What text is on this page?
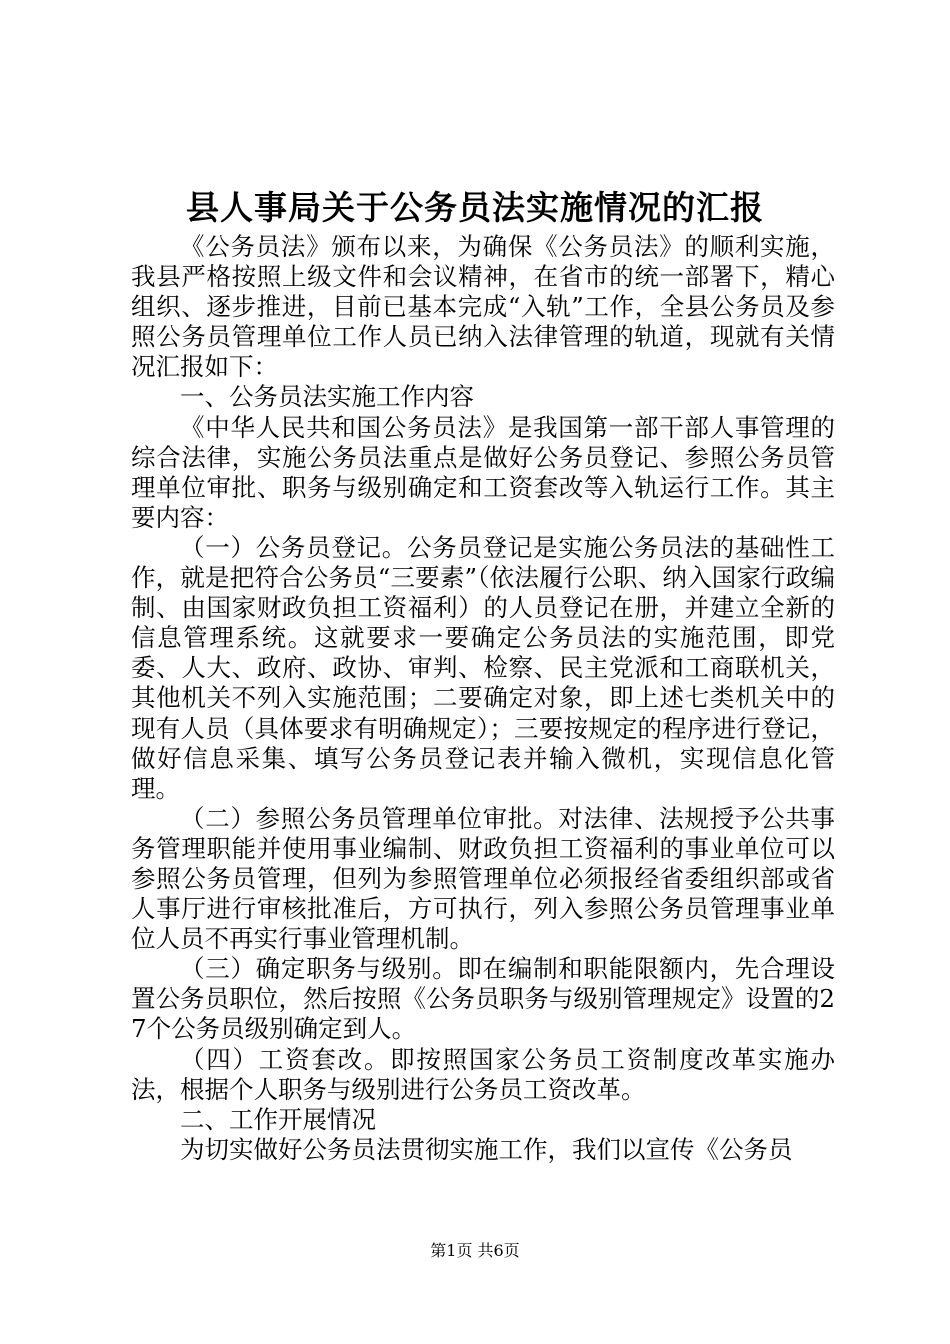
县人事局关于公务员法实施情况的汇报

《公务员法》颁布以来，为确保《公务员法》的顺利实施，我县严格按照上级文件和会议精神，在省市的统一部署下，精心组织、逐步推进，目前已基本完成“入轨”工作，全县公务员及参照公务员管理单位工作人员已纳入法律管理的轨道，现就有关情况汇报如下：

一、公务员法实施工作内容

《中华人民共和国公务员法》是我国第一部干部人事管理的综合法律，实施公务员法重点是做好公务员登记、参照公务员管理单位审批、职务与级别确定和工资套改等入轨运行工作。其主要内容：

（一）公务员登记。公务员登记是实施公务员法的基础性工作，就是把符合公务员“三要素”（依法履行公职、纳入国家行政编制、由国家财政负担工资福利）的人员登记在册，并建立全新的信息管理系统。这就要求一要确定公务员法的实施范围，即党委、人大、政府、政协、审判、检察、民主党派和工商联机关，其他机关不列入实施范围；二要确定对象，即上述七类机关中的现有人员（具体要求有明确规定）；三要按规定的程序进行登记，做好信息采集、填写公务员登记表并输入微机，实现信息化管理。

（二）参照公务员管理单位审批。对法律、法规授予公共事务管理职能并使用事业编制、财政负担工资福利的事业单位可以参照公务员管理，但列为参照管理单位必须报经省委组织部或省人事厅进行审核批准后，方可执行，列入参照公务员管理事业单位人员不再实行事业管理机制。

（三）确定职务与级别。即在编制和职能限额内，先合理设置公务员职位，然后按照《公务员职务与级别管理规定》设置的27个公务员级别确定到人。

（四）工资套改。即按照国家公务员工资制度改革实施办法，根据个人职务与级别进行公务员工资改革。

二、工作开展情况

为切实做好公务员法贯彻实施工作，我们以宣传《公务员

第1页 共6页
